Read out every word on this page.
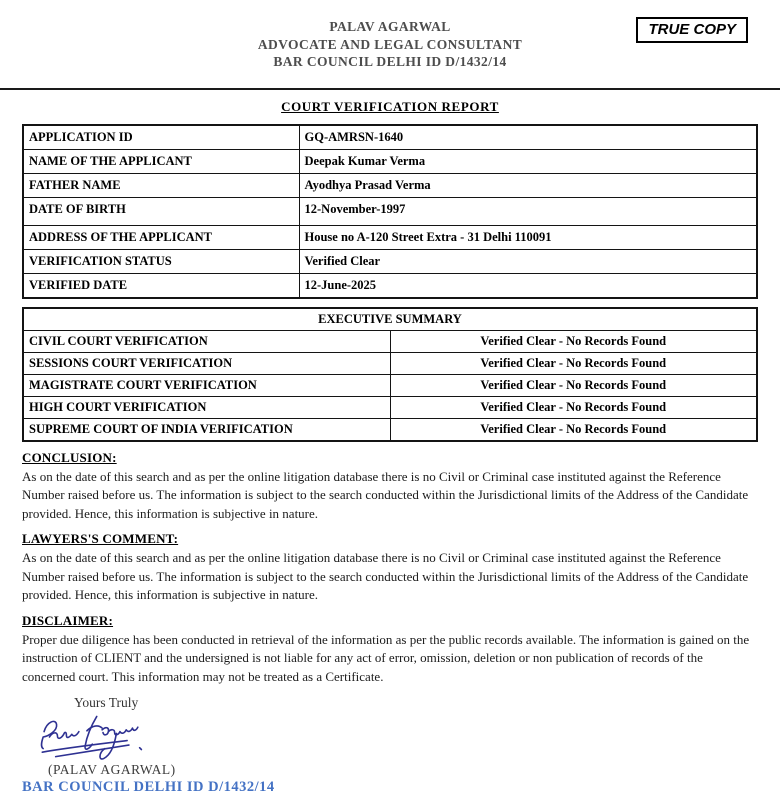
PALAV AGARWAL
ADVOCATE AND LEGAL CONSULTANT
BAR COUNCIL DELHI ID D/1432/14
TRUE COPY
COURT VERIFICATION REPORT
APPLICATION ID	GQ-AMRSN-1640
NAME OF THE APPLICANT	Deepak Kumar Verma
FATHER NAME	Ayodhya Prasad Verma
DATE OF BIRTH	12-November-1997
ADDRESS OF THE APPLICANT	House no A-120 Street Extra - 31 Delhi 110091
VERIFICATION STATUS	Verified Clear
VERIFIED DATE	12-June-2025
EXECUTIVE SUMMARY	
CIVIL COURT VERIFICATION	Verified Clear - No Records Found
SESSIONS COURT VERIFICATION	Verified Clear - No Records Found
MAGISTRATE COURT VERIFICATION	Verified Clear - No Records Found
HIGH COURT VERIFICATION	Verified Clear - No Records Found
SUPREME COURT OF INDIA VERIFICATION	Verified Clear - No Records Found
CONCLUSION:

As on the date of this search and as per the online litigation database there is no Civil or Criminal case instituted against the Reference Number raised before us. The information is subject to the search conducted within the Jurisdictional limits of the Address of the Candidate provided. Hence, this information is subjective in nature.

LAWYERS'S COMMENT:

As on the date of this search and as per the online litigation database there is no Civil or Criminal case instituted against the Reference Number raised before us. The information is subject to the search conducted within the Jurisdictional limits of the Address of the Candidate provided. Hence, this information is subjective in nature.

DISCLAIMER:

Proper due diligence has been conducted in retrieval of the information as per the public records available. The information is gained on the instruction of CLIENT and the undersigned is not liable for any act of error, omission, deletion or non publication of records of the concerned court. This information may not be treated as a Certificate.

Yours Truly
(PALAV AGARWAL)
BAR COUNCIL DELHI ID D/1432/14
